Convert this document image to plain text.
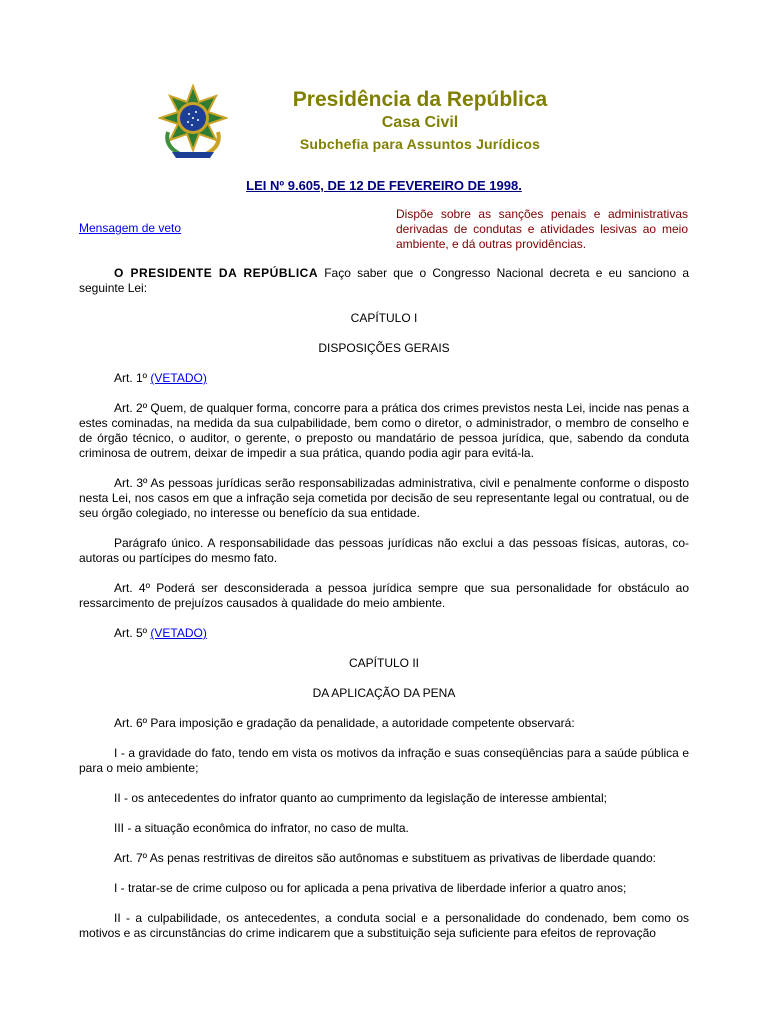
Presidência da República
Casa Civil
Subchefia para Assuntos Jurídicos
LEI Nº 9.605, DE 12 DE FEVEREIRO DE 1998.
Mensagem de veto
Dispõe sobre as sanções penais e administrativas derivadas de condutas e atividades lesivas ao meio ambiente, e dá outras providências.

O PRESIDENTE DA REPÚBLICA Faço saber que o Congresso Nacional decreta e eu sanciono a seguinte Lei:

CAPÍTULO I

DISPOSIÇÕES GERAIS

Art. 1º (VETADO)

Art. 2º Quem, de qualquer forma, concorre para a prática dos crimes previstos nesta Lei, incide nas penas a estes cominadas, na medida da sua culpabilidade, bem como o diretor, o administrador, o membro de conselho e de órgão técnico, o auditor, o gerente, o preposto ou mandatário de pessoa jurídica, que, sabendo da conduta criminosa de outrem, deixar de impedir a sua prática, quando podia agir para evitá-la.

Art. 3º As pessoas jurídicas serão responsabilizadas administrativa, civil e penalmente conforme o disposto nesta Lei, nos casos em que a infração seja cometida por decisão de seu representante legal ou contratual, ou de seu órgão colegiado, no interesse ou benefício da sua entidade.

Parágrafo único. A responsabilidade das pessoas jurídicas não exclui a das pessoas físicas, autoras, co-autoras ou partícipes do mesmo fato.

Art. 4º Poderá ser desconsiderada a pessoa jurídica sempre que sua personalidade for obstáculo ao ressarcimento de prejuízos causados à qualidade do meio ambiente.

Art. 5º (VETADO)

CAPÍTULO II

DA APLICAÇÃO DA PENA

Art. 6º Para imposição e gradação da penalidade, a autoridade competente observará:

I - a gravidade do fato, tendo em vista os motivos da infração e suas conseqüências para a saúde pública e para o meio ambiente;

II - os antecedentes do infrator quanto ao cumprimento da legislação de interesse ambiental;

III - a situação econômica do infrator, no caso de multa.

Art. 7º As penas restritivas de direitos são autônomas e substituem as privativas de liberdade quando:

I - tratar-se de crime culposo ou for aplicada a pena privativa de liberdade inferior a quatro anos;

II - a culpabilidade, os antecedentes, a conduta social e a personalidade do condenado, bem como os motivos e as circunstâncias do crime indicarem que a substituição seja suficiente para efeitos de reprovação
